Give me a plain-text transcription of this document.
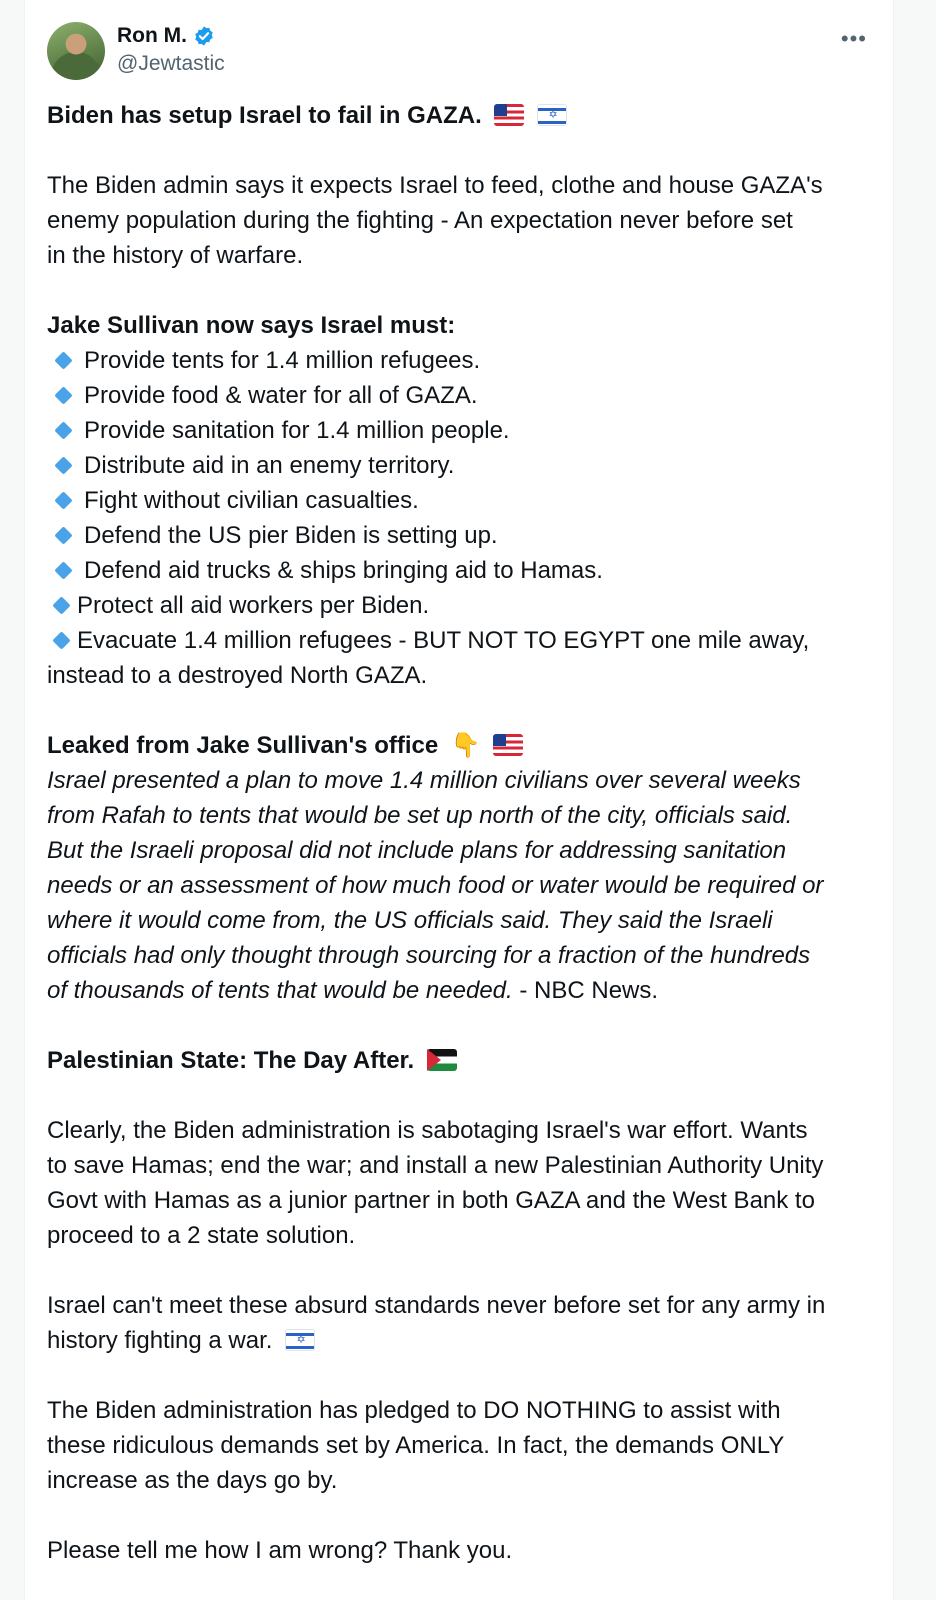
Ron M.
@Jewtastic
•••
Biden has setup Israel to fail in GAZA.  ✡
The Biden admin says it expects Israel to feed, clothe and house GAZA's
enemy population during the fighting - An expectation never before set
in the history of warfare.
Jake Sullivan now says Israel must:
Provide tents for 1.4 million refugees.
Provide food & water for all of GAZA.
Provide sanitation for 1.4 million people.
Distribute aid in an enemy territory.
Fight without civilian casualties.
Defend the US pier Biden is setting up.
Defend aid trucks & ships bringing aid to Hamas.
Protect all aid workers per Biden.
Evacuate 1.4 million refugees - BUT NOT TO EGYPT one mile away,
instead to a destroyed North GAZA.
Leaked from Jake Sullivan's office 👇
Israel presented a plan to move 1.4 million civilians over several weeks
from Rafah to tents that would be set up north of the city, officials said.
But the Israeli proposal did not include plans for addressing sanitation
needs or an assessment of how much food or water would be required or
where it would come from, the US officials said. They said the Israeli
officials had only thought through sourcing for a fraction of the hundreds
of thousands of tents that would be needed. - NBC News.
Palestinian State: The Day After.
Clearly, the Biden administration is sabotaging Israel's war effort. Wants
to save Hamas; end the war; and install a new Palestinian Authority Unity
Govt with Hamas as a junior partner in both GAZA and the West Bank to
proceed to a 2 state solution.
Israel can't meet these absurd standards never before set for any army in
history fighting a war. ✡
The Biden administration has pledged to DO NOTHING to assist with
these ridiculous demands set by America. In fact, the demands ONLY
increase as the days go by.
Please tell me how I am wrong? Thank you.
